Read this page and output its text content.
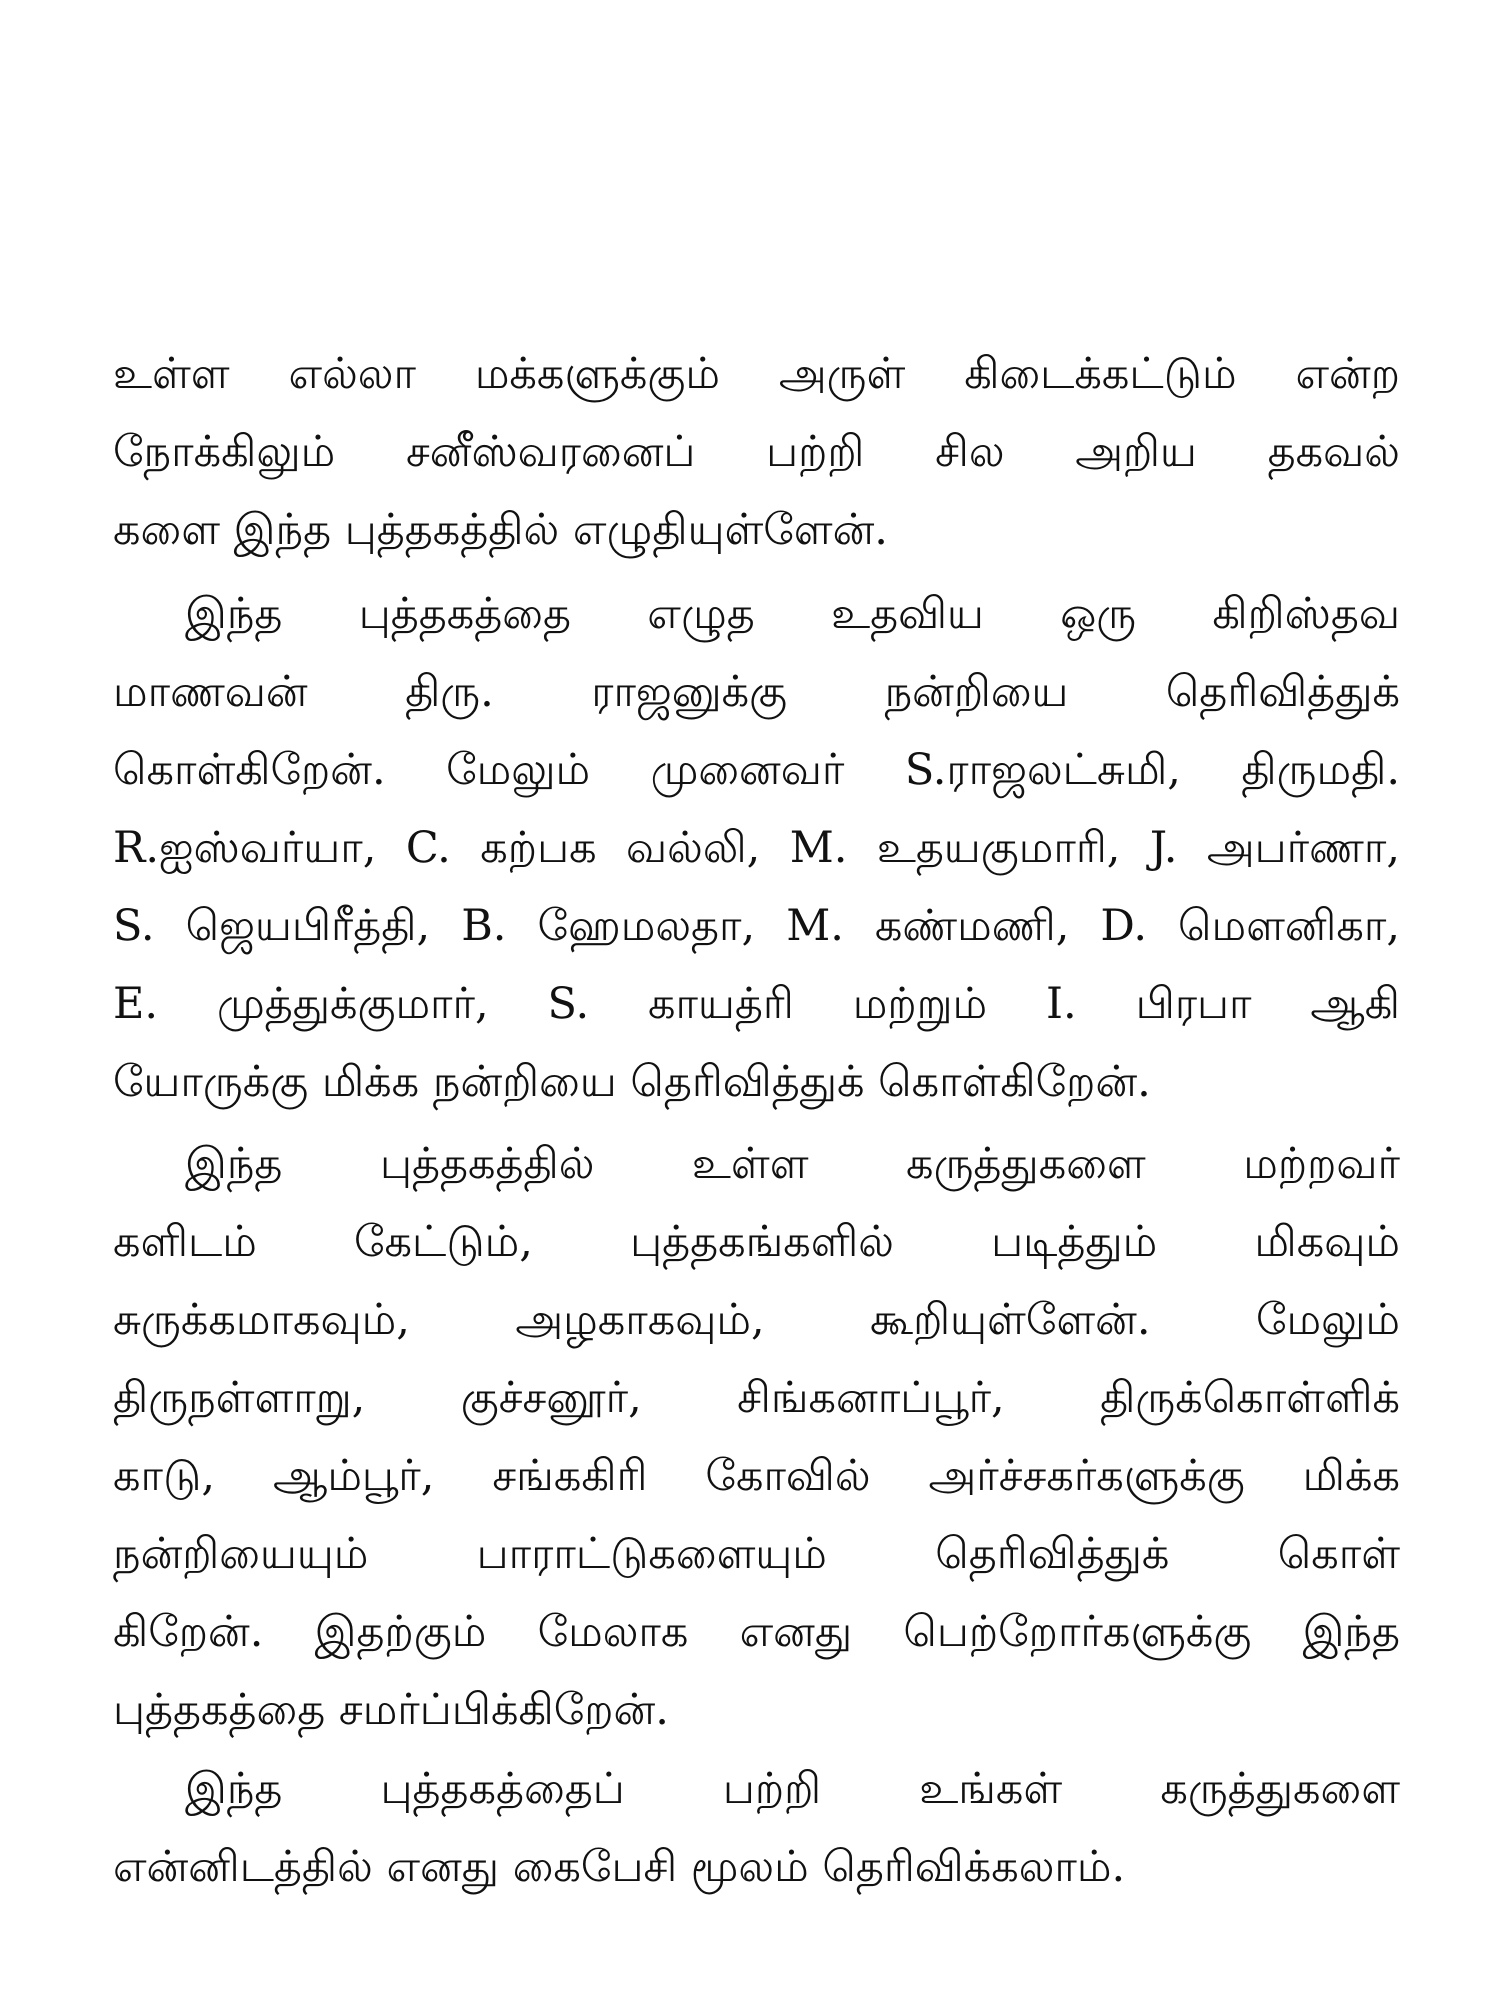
உள்ள எல்லா மக்களுக்கும் அருள் கிடைக்கட்டும் என்ற
நோக்கிலும் சனீஸ்வரனைப் பற்றி சில அறிய தகவல்
களை இந்த புத்தகத்தில் எழுதியுள்ளேன்.
இந்த புத்தகத்தை எழுத உதவிய ஒரு கிறிஸ்தவ
மாணவன் திரு. ராஜனுக்கு நன்றியை தெரிவித்துக்
கொள்கிறேன். மேலும் முனைவர் S.ராஜலட்சுமி, திருமதி.
R.ஐஸ்வர்யா, C. கற்பக வல்லி, M. உதயகுமாரி, J. அபர்ணா,
S. ஜெயபிரீத்தி, B. ஹேமலதா, M. கண்மணி, D. மௌனிகா,
E. முத்துக்குமார், S. காயத்ரி மற்றும் I. பிரபா ஆகி
யோருக்கு மிக்க நன்றியை தெரிவித்துக் கொள்கிறேன்.
இந்த புத்தகத்தில் உள்ள கருத்துகளை மற்றவர்
களிடம் கேட்டும், புத்தகங்களில் படித்தும் மிகவும்
சுருக்கமாகவும், அழகாகவும், கூறியுள்ளேன். மேலும்
திருநள்ளாறு, குச்சனூர், சிங்கனாப்பூர், திருக்கொள்ளிக்
காடு, ஆம்பூர், சங்ககிரி கோவில் அர்ச்சகர்களுக்கு மிக்க
நன்றியையும் பாராட்டுகளையும் தெரிவித்துக் கொள்
கிறேன். இதற்கும் மேலாக எனது பெற்றோர்களுக்கு இந்த
புத்தகத்தை சமர்ப்பிக்கிறேன்.
இந்த புத்தகத்தைப் பற்றி உங்கள் கருத்துகளை
என்னிடத்தில் எனது கைபேசி மூலம் தெரிவிக்கலாம்.
